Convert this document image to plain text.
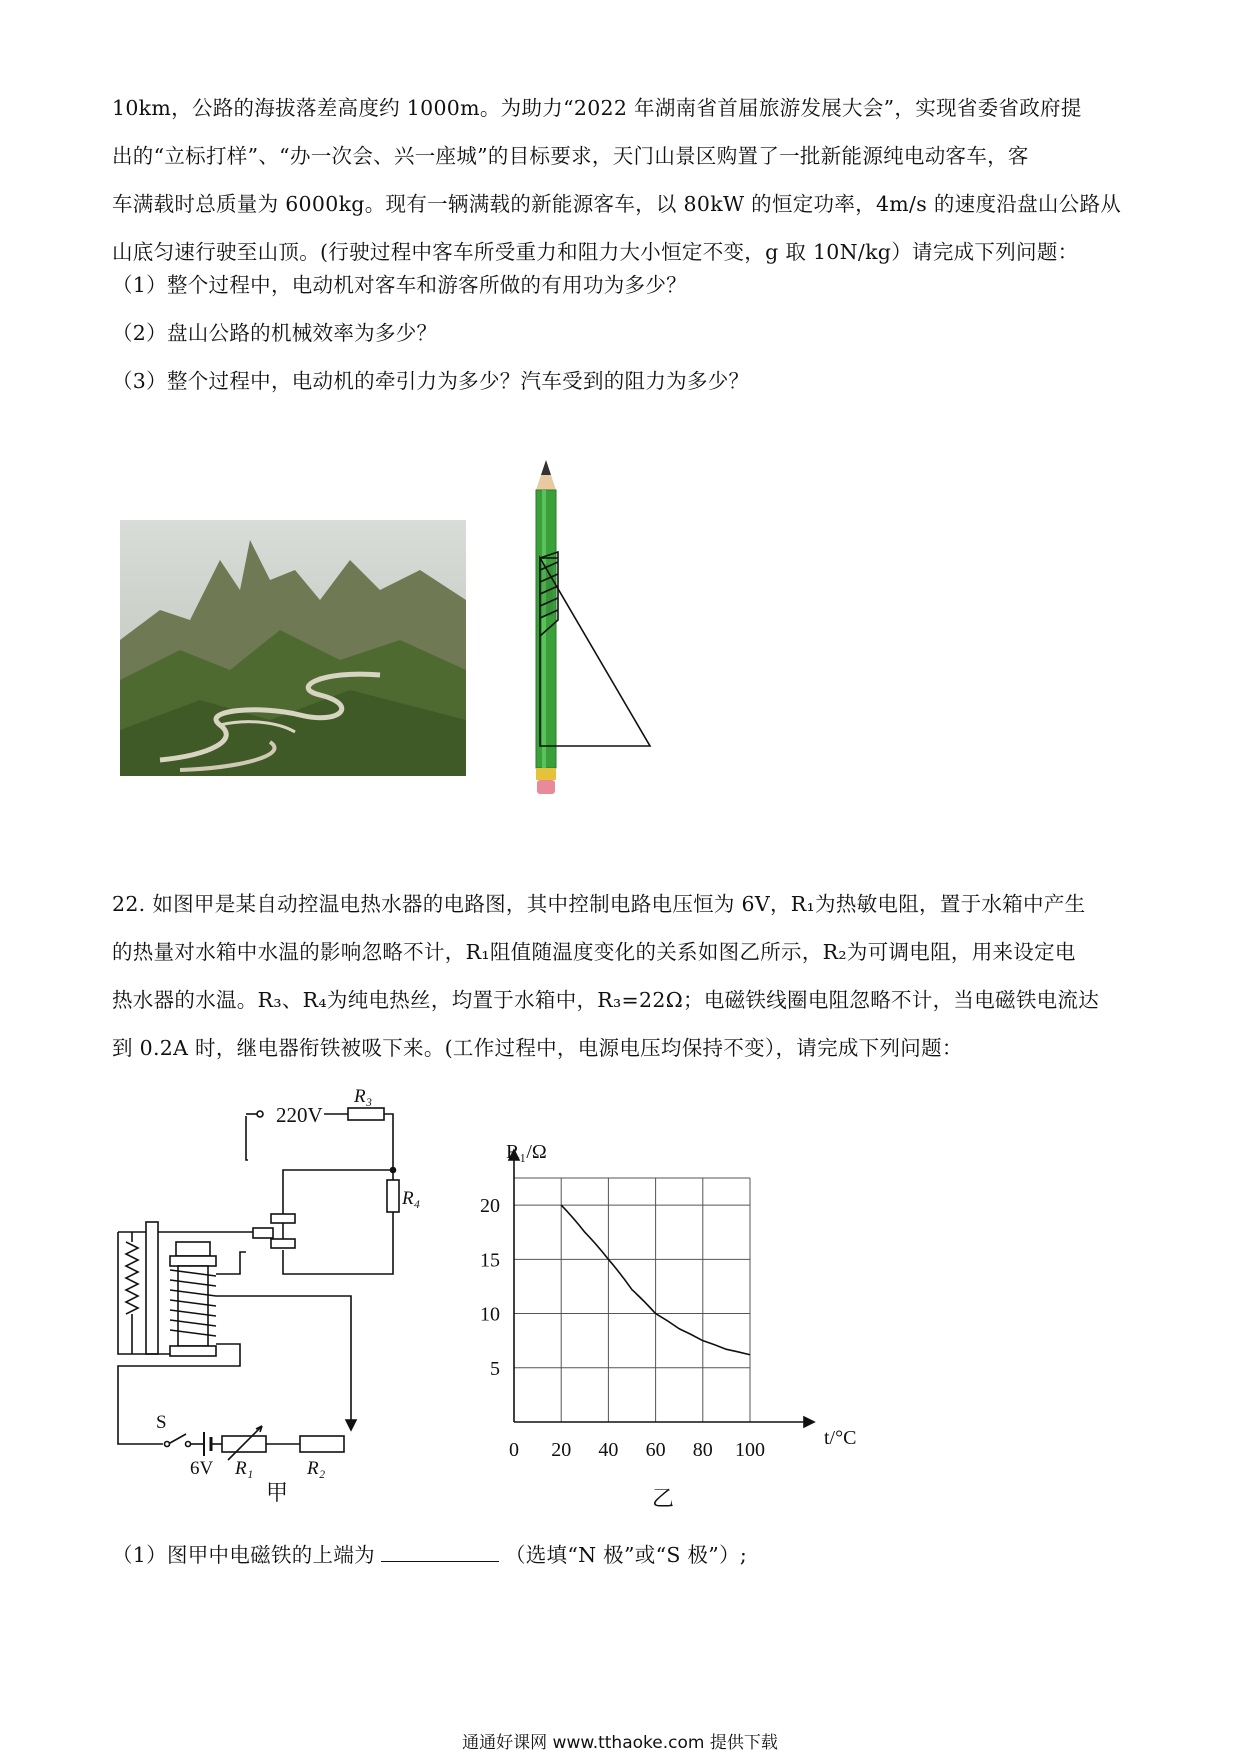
10km，公路的海拔落差高度约 1000m。为助力“2022 年湖南省首届旅游发展大会”，实现省委省政府提

出的“立标打样”、“办一次会、兴一座城”的目标要求，天门山景区购置了一批新能源纯电动客车，客

车满载时总质量为 6000kg。现有一辆满载的新能源客车，以 80kW 的恒定功率，4m/s 的速度沿盘山公路从

山底匀速行驶至山顶。(行驶过程中客车所受重力和阻力大小恒定不变，g 取 10N/kg）请完成下列问题：

（1）整个过程中，电动机对客车和游客所做的有用功为多少？
（2）盘山公路的机械效率为多少？
（3）整个过程中，电动机的牵引力为多少？汽车受到的阻力为多少？

22. 如图甲是某自动控温电热水器的电路图，其中控制电路电压恒为 6V，R₁为热敏电阻，置于水箱中产生

的热量对水箱中水温的影响忽略不计，R₁阻值随温度变化的关系如图乙所示，R₂为可调电阻，用来设定电

热水器的水温。R₃、R₄为纯电热丝，均置于水箱中，R₃=22Ω；电磁铁线圈电阻忽略不计，当电磁铁电流达

到 0.2A 时，继电器衔铁被吸下来。(工作过程中，电源电压均保持不变），请完成下列问题：

220V
R₃
R₄
S
6V R₁	R₂
甲
0 20 40 60 80 100
5
10
15
20
R₁/Ω
t/°C
乙
（1）图甲中电磁铁的上端为	（选填“N 极”或“S 极”）;
通通好课网 www.tthaoke.com 提供下载
